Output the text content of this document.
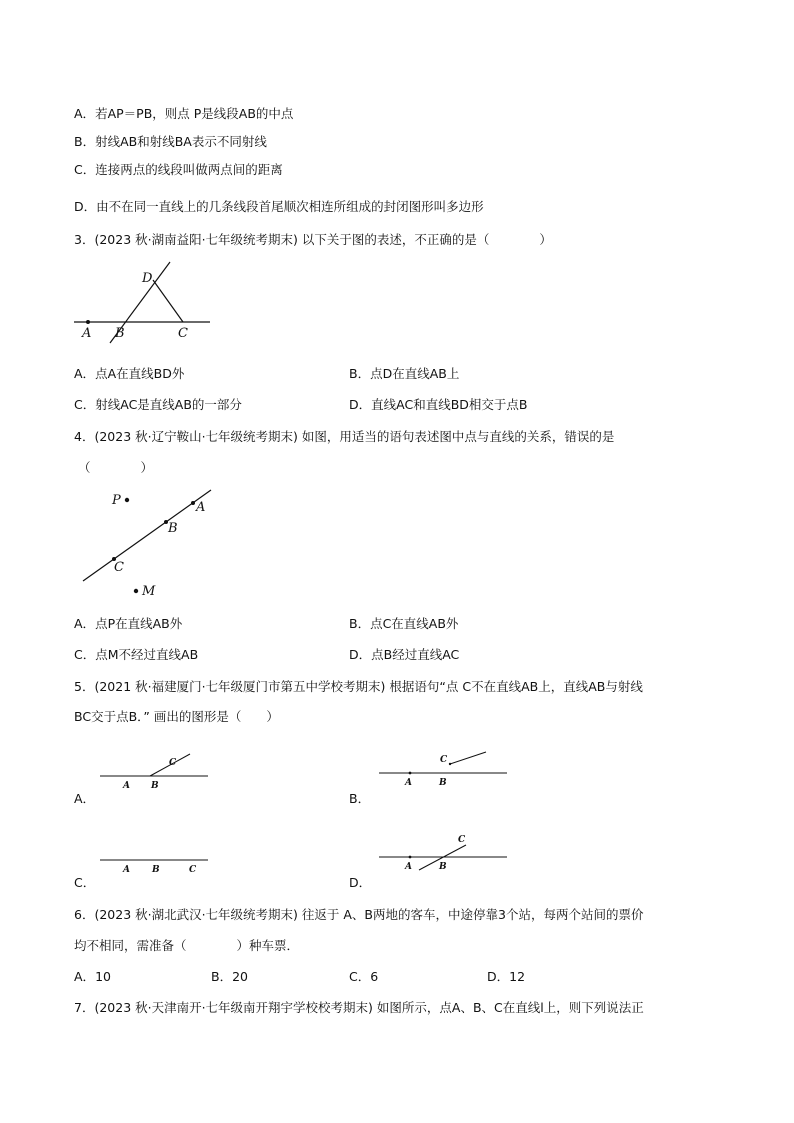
A．若AP＝PB，则点 P是线段AB的中点
B．射线AB和射线BA表示不同射线
C．连接两点的线段叫做两点间的距离
D．由不在同一直线上的几条线段首尾顺次相连所组成的封闭图形叫多边形
3．(2023 秋·湖南益阳·七年级统考期末) 以下关于图的表述，不正确的是（　　　　）
A B	C
D
A．点A在直线BD外	B．点D在直线AB上
C．射线AC是直线AB的一部分	D．直线AC和直线BD相交于点B
4．(2023 秋·辽宁鞍山·七年级统考期末) 如图，用适当的语句表述图中点与直线的关系，错误的是
（　　　　）
P	A
B
C
M
A．点P在直线AB外	B．点C在直线AB外
C．点M不经过直线AB	D．点B经过直线AC
5．(2021 秋·福建厦门·七年级厦门市第五中学校考期末) 根据语句“点 C不在直线AB上，直线AB与射线
BC交于点B．” 画出的图形是（　　）
A B
C
A．
A	B
C
B．
A B	C
C．
A	B
C
D．
6．(2023 秋·湖北武汉·七年级统考期末) 往返于 A、B两地的客车，中途停靠3个站，每两个站间的票价
均不相同，需准备（　　　　）种车票．
A．10	B．20	C．6	D．12
7．(2023 秋·天津南开·七年级南开翔宇学校校考期末) 如图所示，点A、B、C在直线l上，则下列说法正
